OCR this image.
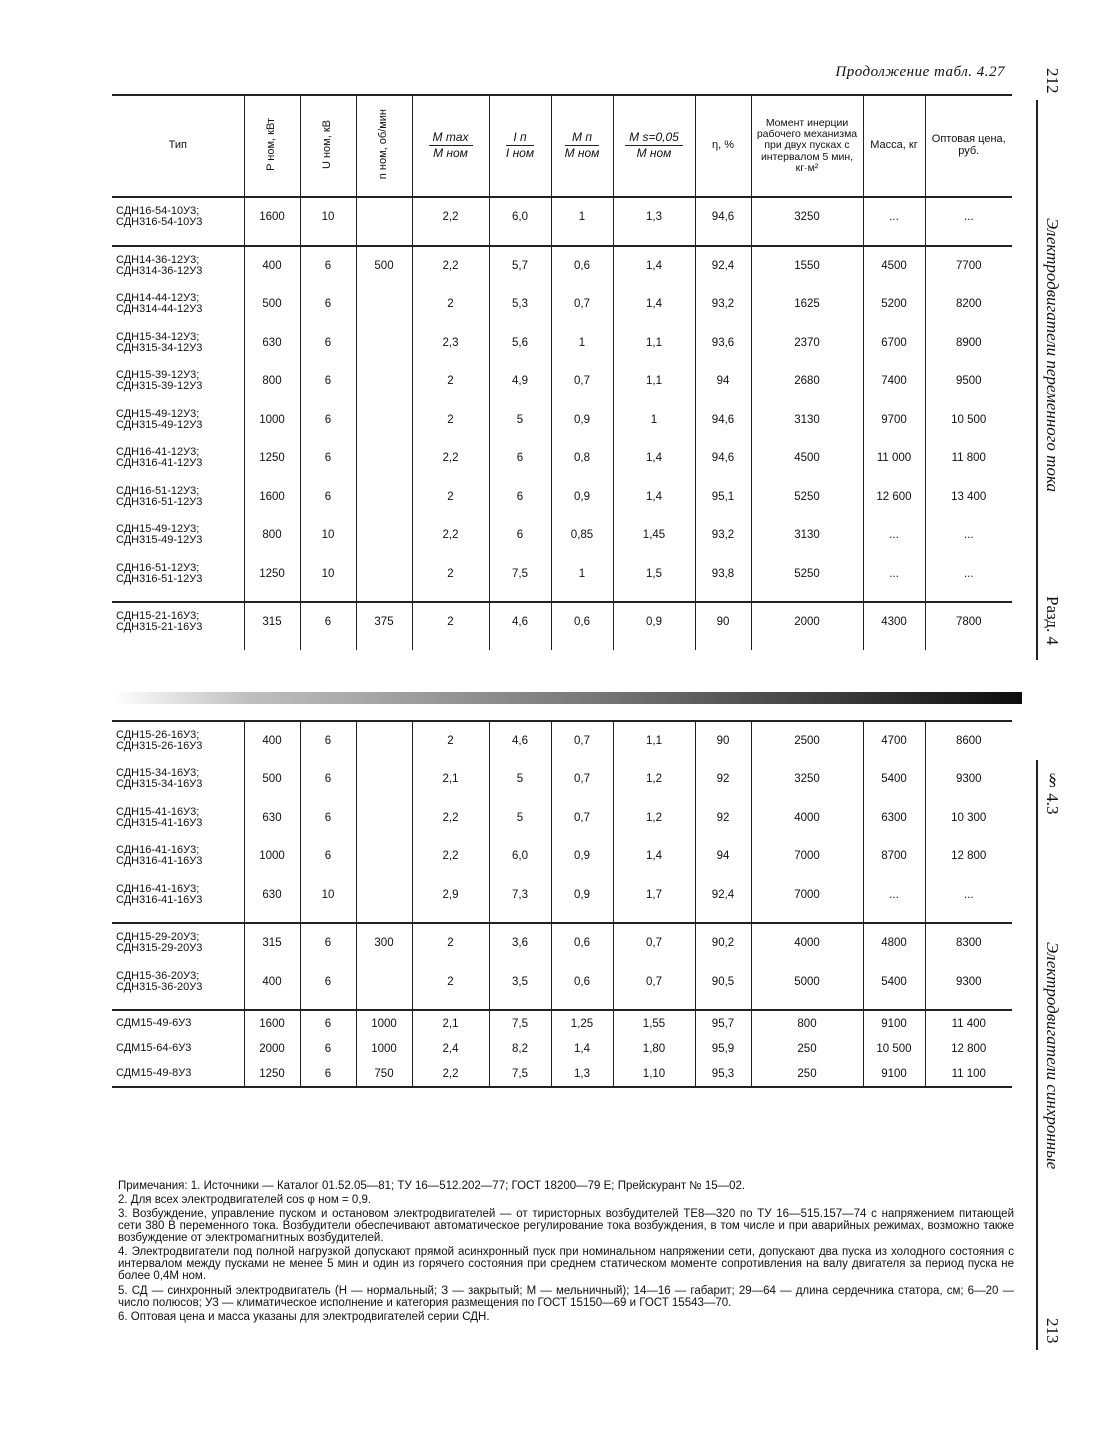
Продолжение табл. 4.27
Тип	P ном, кВт	U ном, кВ	n ном, об/мин	$\frac{\text{M max}}{\text{M ном}}$	$\frac{\text{I п}}{\text{I ном}}$	$\frac{\text{M п}}{\text{M ном}}$	$\frac{\text{M s=0,05}}{\text{M ном}}$	η, %	Момент инерции рабочего механизма при двух пусках с интервалом 5 мин, кг·м²	Масса, кг	Оптовая цена, руб.

СДН16-54-10У3;
СДН316-54-10У3	1600	10		2,2	6,0	1	1,3	94,6	3250	...	...

СДН14-36-12У3;
СДН314-36-12У3	400	6	500	2,2	5,7	0,6	1,4	92,4	1550	4500	7700

СДН14-44-12У3;
СДН314-44-12У3	500	6		2	5,3	0,7	1,4	93,2	1625	5200	8200

СДН15-34-12У3;
СДН315-34-12У3	630	6		2,3	5,6	1	1,1	93,6	2370	6700	8900

СДН15-39-12У3;
СДН315-39-12У3	800	6		2	4,9	0,7	1,1	94	2680	7400	9500

СДН15-49-12У3;
СДН315-49-12У3	1000	6		2	5	0,9	1	94,6	3130	9700	10 500

СДН16-41-12У3;
СДН316-41-12У3	1250	6		2,2	6	0,8	1,4	94,6	4500	11 000	11 800

СДН16-51-12У3;
СДН316-51-12У3	1600	6		2	6	0,9	1,4	95,1	5250	12 600	13 400

СДН15-49-12У3;
СДН315-49-12У3	800	10		2,2	6	0,85	1,45	93,2	3130	...	...

СДН16-51-12У3;
СДН316-51-12У3	1250	10		2	7,5	1	1,5	93,8	5250	...	...

СДН15-21-16У3;
СДН315-21-16У3	315	6	375	2	4,6	0,6	0,9	90	2000	4300	7800

СДН15-26-16У3;
СДН315-26-16У3	400	6		2	4,6	0,7	1,1	90	2500	4700	8600

СДН15-34-16У3;
СДН315-34-16У3	500	6		2,1	5	0,7	1,2	92	3250	5400	9300

СДН15-41-16У3;
СДН315-41-16У3	630	6		2,2	5	0,7	1,2	92	4000	6300	10 300

СДН16-41-16У3;
СДН316-41-16У3	1000	6		2,2	6,0	0,9	1,4	94	7000	8700	12 800

СДН16-41-16У3;
СДН316-41-16У3	630	10		2,9	7,3	0,9	1,7	92,4	7000	...	...

СДН15-29-20У3;
СДН315-29-20У3	315	6	300	2	3,6	0,6	0,7	90,2	4000	4800	8300

СДН15-36-20У3;
СДН315-36-20У3	400	6		2	3,5	0,6	0,7	90,5	5000	5400	9300

СДМ15-49-6У3	1600	6	1000	2,1	7,5	1,25	1,55	95,7	800	9100	11 400

СДМ15-64-6У3	2000	6	1000	2,4	8,2	1,4	1,80	95,9	250	10 500	12 800

СДМ15-49-8У3	1250	6	750	2,2	7,5	1,3	1,10	95,3	250	9100	11 100

Примечания: 1. Источники — Каталог 01.52.05—81; ТУ 16—512.202—77; ГОСТ 18200—79 Е; Прейскурант № 15—02.

2. Для всех электродвигателей cos φ ном = 0,9.

3. Возбуждение, управление пуском и остановом электродвигателей — от тиристорных возбудителей ТЕ8—320 по ТУ 16—515.157—74 с напряжением питающей сети 380 В переменного тока. Возбудители обеспечивают автоматическое регулирование тока возбуждения, в том числе и при аварийных режимах, возможно также возбуждение от электромагнитных возбудителей.

4. Электродвигатели под полной нагрузкой допускают прямой асинхронный пуск при номинальном напряжении сети, допускают два пуска из холодного состояния с интервалом между пусками не менее 5 мин и один из горячего состояния при среднем статическом моменте сопротивления на валу двигателя за период пуска не более 0,4M ном.

5. СД — синхронный электродвигатель (Н — нормальный; З — закрытый; М — мельничный); 14—16 — габарит; 29—64 — длина сердечника статора, см; 6—20 — число полюсов; У3 — климатическое исполнение и категория размещения по ГОСТ 15150—69 и ГОСТ 15543—70.

6. Оптовая цена и масса указаны для электродвигателей серии СДН.

212
Электродвигатели переменного тока
Разд. 4
§ 4.3
Электродвигатели синхронные
213
